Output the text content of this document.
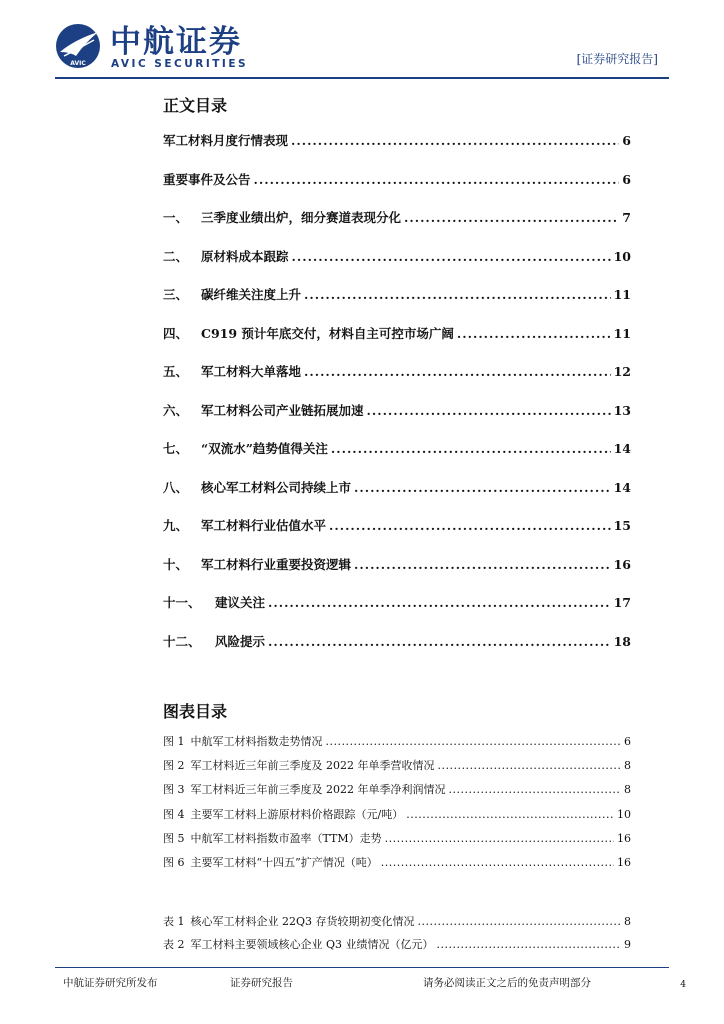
AVIC
中航证券
AVIC SECURITIES	[证券研究报告]
正文目录
军工材料月度行情表现 .....	6
重要事件及公告 .....	6
一、	三季度业绩出炉，细分赛道表现分化 .....	7
二、	原材料成本跟踪 .....	10
三、	碳纤维关注度上升 .....	11
四、	C919 预计年底交付，材料自主可控市场广阔 .....	11
五、	军工材料大单落地 .....	12
六、	军工材料公司产业链拓展加速 .....	13
七、	“双流水”趋势值得关注 .....	14
八、	核心军工材料公司持续上市 .....	14
九、	军工材料行业估值水平 .....	15
十、	军工材料行业重要投资逻辑 .....	16
十一、	建议关注 .....	17
十二、	风险提示 .....	18
图表目录
图 1 中航军工材料指数走势情况 .....	6
图 2 军工材料近三年前三季度及 2022 年单季营收情况 .....	8
图 3 军工材料近三年前三季度及 2022 年单季净利润情况 .....	8
图 4 主要军工材料上游原材料价格跟踪（元/吨） .....	10
图 5 中航军工材料指数市盈率（TTM）走势 .....	16
图 6 主要军工材料“十四五”扩产情况（吨） .....	16
表 1 核心军工材料企业 22Q3 存货较期初变化情况 .....	8
表 2 军工材料主要领域核心企业 Q3 业绩情况（亿元） .....	9
中航证券研究所发布	证券研究报告	请务必阅读正文之后的免责声明部分	4
